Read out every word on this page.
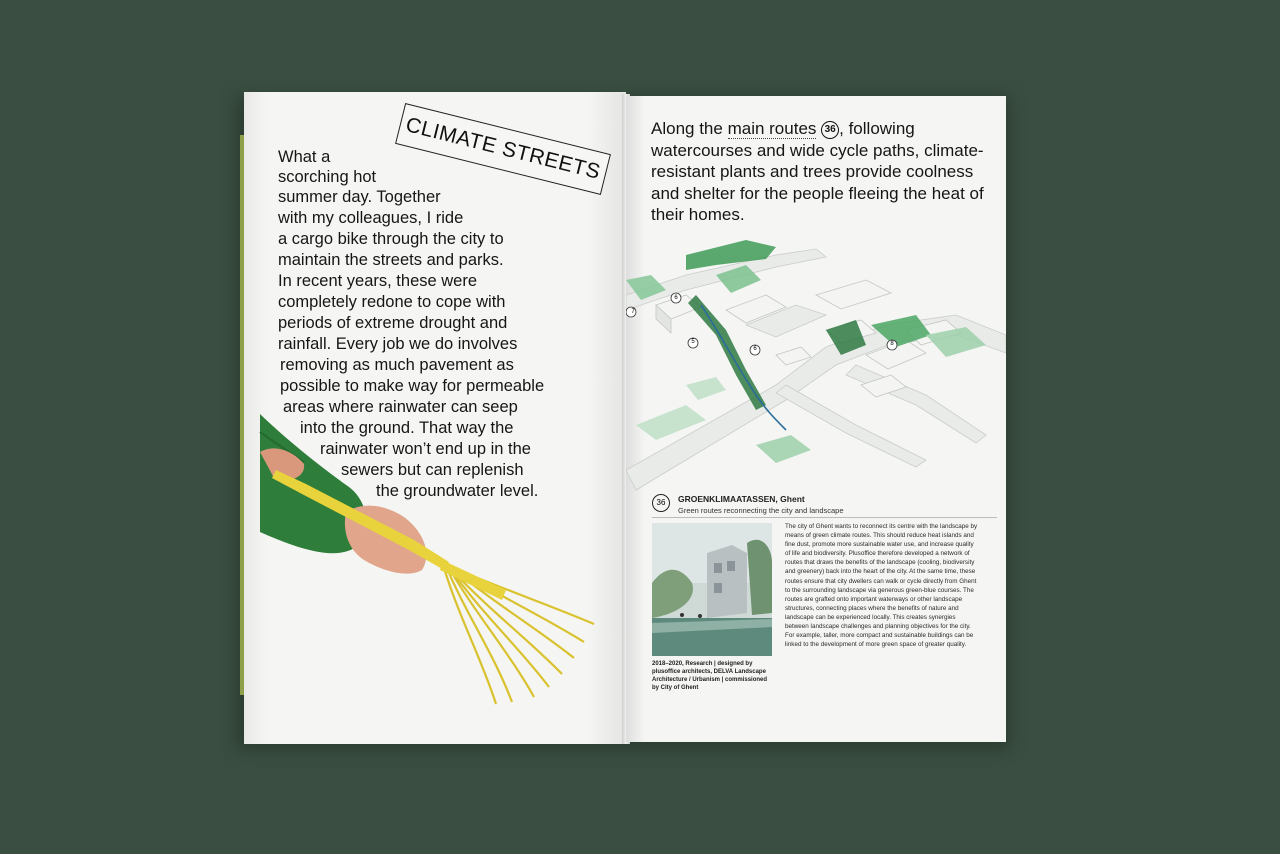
CLIMATE STREETS
What a
scorching hot
summer day. Together
with my colleagues, I ride
a cargo bike through the city to
maintain the streets and parks.
In recent years, these were
completely redone to cope with
periods of extreme drought and
rainfall. Every job we do involves
removing as much pavement as
possible to make way for permeable
areas where rainwater can seep
into the ground. That way the
rainwater won’t end up in the
sewers but can replenish
the groundwater level.
Along the main routes 36 , following watercourses and wide cycle paths, climate-resistant plants and trees provide coolness and shelter for the people fleeing the heat of their homes.
7
6
5
6
8
36	GROENKLIMAATASSEN, Ghent
Green routes reconnecting the city and landscape
2018–2020, Research | designed by plusoffice architects, DELVA Landscape Architecture / Urbanism | commissioned by City of Ghent
The city of Ghent wants to reconnect its centre with the landscape by means of green climate routes. This should reduce heat islands and fine dust, promote more sustainable water use, and increase quality of life and biodiversity. Plusoffice therefore developed a network of routes that draws the benefits of the landscape (cooling, biodiversity and greenery) back into the heart of the city. At the same time, these routes ensure that city dwellers can walk or cycle directly from Ghent to the surrounding landscape via generous green-blue courses. The routes are grafted onto important waterways or other landscape structures, connecting places where the benefits of nature and landscape can be experienced locally. This creates synergies between landscape challenges and planning objectives for the city. For example, taller, more compact and sustainable buildings can be linked to the development of more green space of greater quality.
